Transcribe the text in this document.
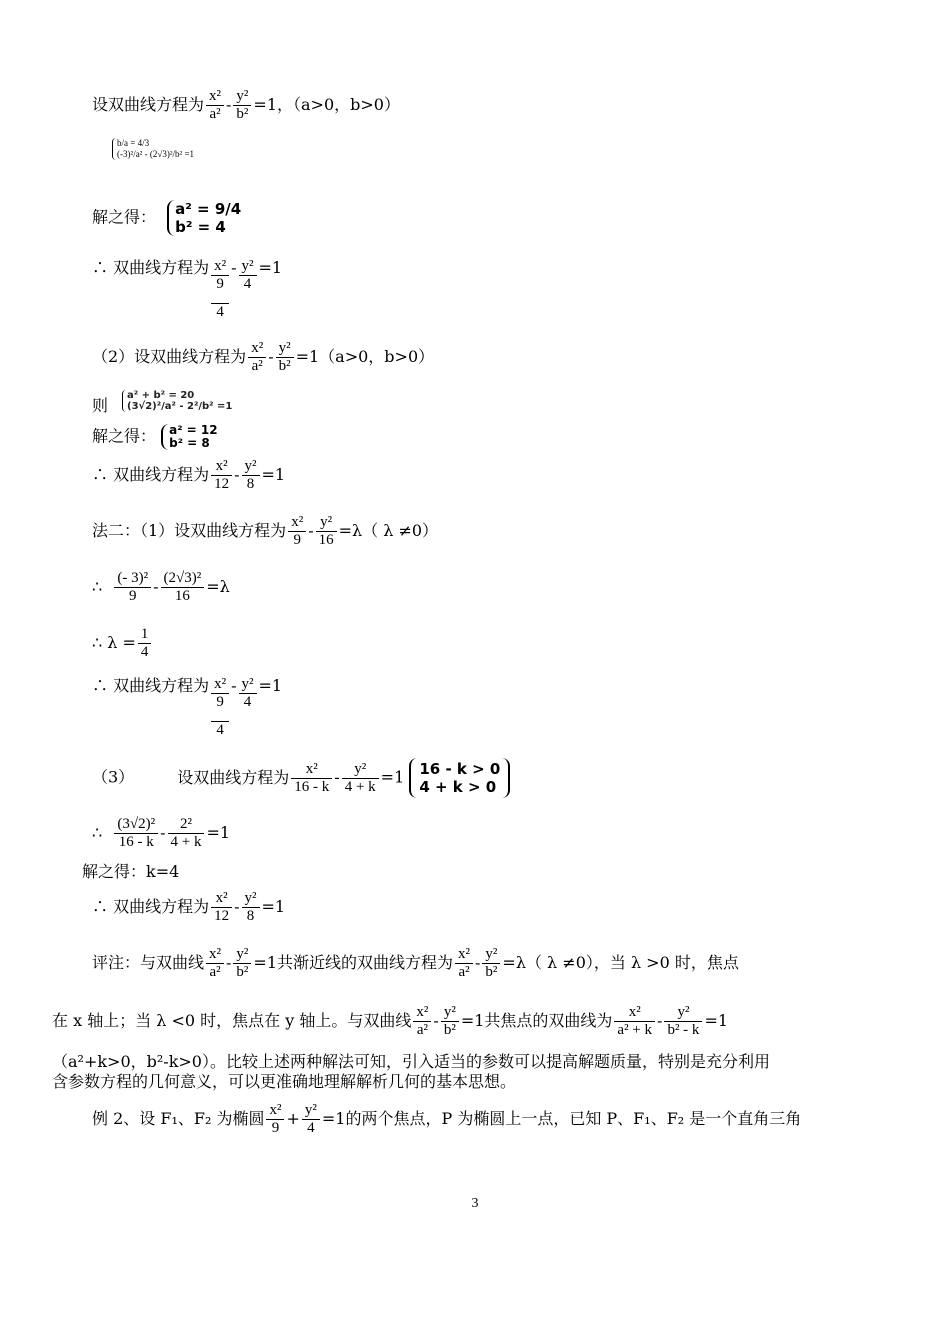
设双曲线方程为 $\frac{\text{x²}}{\text{a²}} - \frac{\text{y²}}{\text{b²}} =1$，（a>0，b>0）
b/a = 4/3
(-3)²/a² - (2√3)²/b² =1
解之得： a² = 9/4
b² = 4
∴ 双曲线方程为 x²
9
4
- $\frac{\text{y²}}{4} =1$
（2）设双曲线方程为 $\frac{\text{x²}}{\text{a²}} - \frac{\text{y²}}{\text{b²}} =1(a>0$，b>0）
则
a² + b² = 20
(3√2)²/a² - 2²/b² =1
解之得： a² = 12
b² = 8
∴ 双曲线方程为 $\frac{\text{x²}}{12} - \frac{\text{y²}}{8} =1$
法二：（1）设双曲线方程为 $\frac{\text{x²}}{9} - \frac{\text{y²}}{16} =\lambda$（ λ ≠0）
∴ $\frac{\text{(- 3)²}}{9} - \frac{\text{(2√3)²}}{16} =\lambda$
∴ $\lambda = \frac{1}{4}$
∴ 双曲线方程为 x²
9
4
- $\frac{\text{y²}}{4} =1$
（3）	设双曲线方程为 $\frac{\text{x²}}{16 - k} - \frac{\text{y²}}{4 + k} =1$ 16 - k > 0
4 + k > 0
∴ $\frac{\text{(3√2)²}}{16 - k} - \frac{\text{2²}}{4 + k} =1$
解之得：k=4
∴ 双曲线方程为 $\frac{\text{x²}}{12} - \frac{\text{y²}}{8} =1$
评注：与双曲线 $\frac{\text{x²}}{\text{a²}} - \frac{\text{y²}}{\text{b²}} =1$共渐近线的双曲线方程为 $\frac{\text{x²}}{\text{a²}} - \frac{\text{y²}}{\text{b²}} =\lambda$（ λ ≠0），当 λ >0 时，焦点
在 x 轴上；当 λ <0 时，焦点在 y 轴上。与双曲线 $\frac{\text{x²}}{\text{a²}} - \frac{\text{y²}}{\text{b²}} =1$共焦点的双曲线为 $\frac{\text{x²}}{\text{a² + k}} - \frac{\text{y²}}{\text{b² - k}} =1$
（a²+k>0，b²-k>0）。比较上述两种解法可知，引入适当的参数可以提高解题质量，特别是充分利用
含参数方程的几何意义，可以更准确地理解解析几何的基本思想。
例 2、设 F₁、F₂ 为椭圆 $\frac{\text{x²}}{9} + \frac{\text{y²}}{4} =1$的两个焦点，P 为椭圆上一点，已知 P、F₁、F₂ 是一个直角三角
3
